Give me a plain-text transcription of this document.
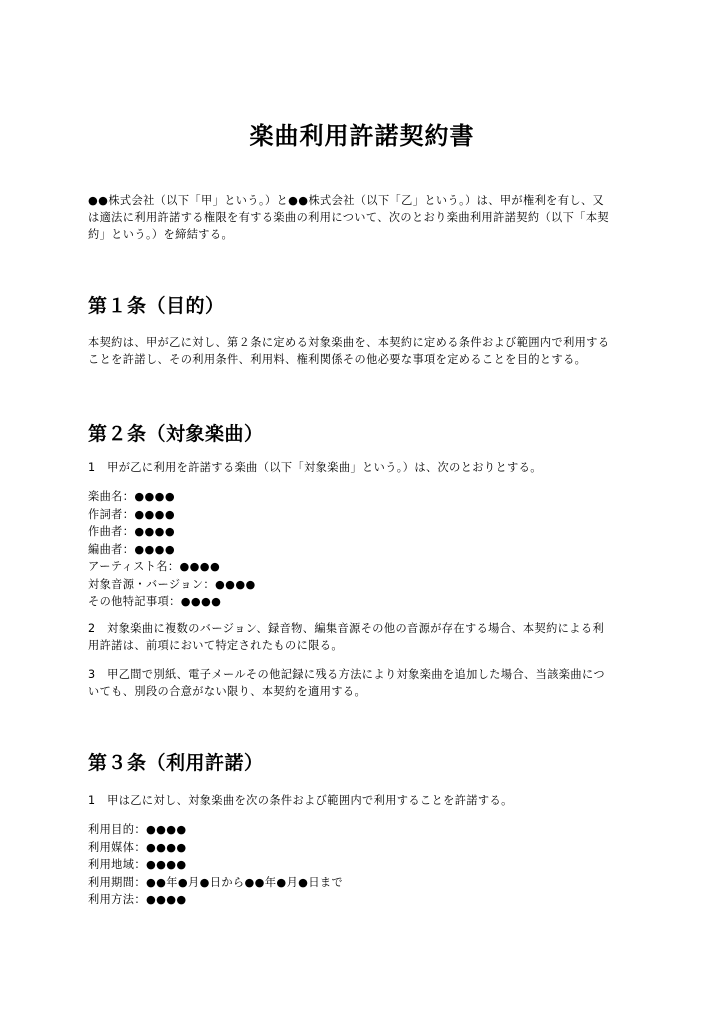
楽曲利用許諾契約書

●●株式会社（以下「甲」という。）と●●株式会社（以下「乙」という。）は、甲が権利を有し、又
は適法に利用許諾する権限を有する楽曲の利用について、次のとおり楽曲利用許諾契約（以下「本契
約」という。）を締結する。

第１条（目的）

本契約は、甲が乙に対し、第２条に定める対象楽曲を、本契約に定める条件および範囲内で利用する
ことを許諾し、その利用条件、利用料、権利関係その他必要な事項を定めることを目的とする。

第２条（対象楽曲）

1　甲が乙に利用を許諾する楽曲（以下「対象楽曲」という。）は、次のとおりとする。

楽曲名：●●●●
作詞者：●●●●
作曲者：●●●●
編曲者：●●●●
アーティスト名：●●●●
対象音源・バージョン：●●●●
その他特記事項：●●●●

2　対象楽曲に複数のバージョン、録音物、編集音源その他の音源が存在する場合、本契約による利
用許諾は、前項において特定されたものに限る。

3　甲乙間で別紙、電子メールその他記録に残る方法により対象楽曲を追加した場合、当該楽曲につ
いても、別段の合意がない限り、本契約を適用する。

第３条（利用許諾）

1　甲は乙に対し、対象楽曲を次の条件および範囲内で利用することを許諾する。

利用目的：●●●●
利用媒体：●●●●
利用地域：●●●●
利用期間：●●年●月●日から●●年●月●日まで
利用方法：●●●●
